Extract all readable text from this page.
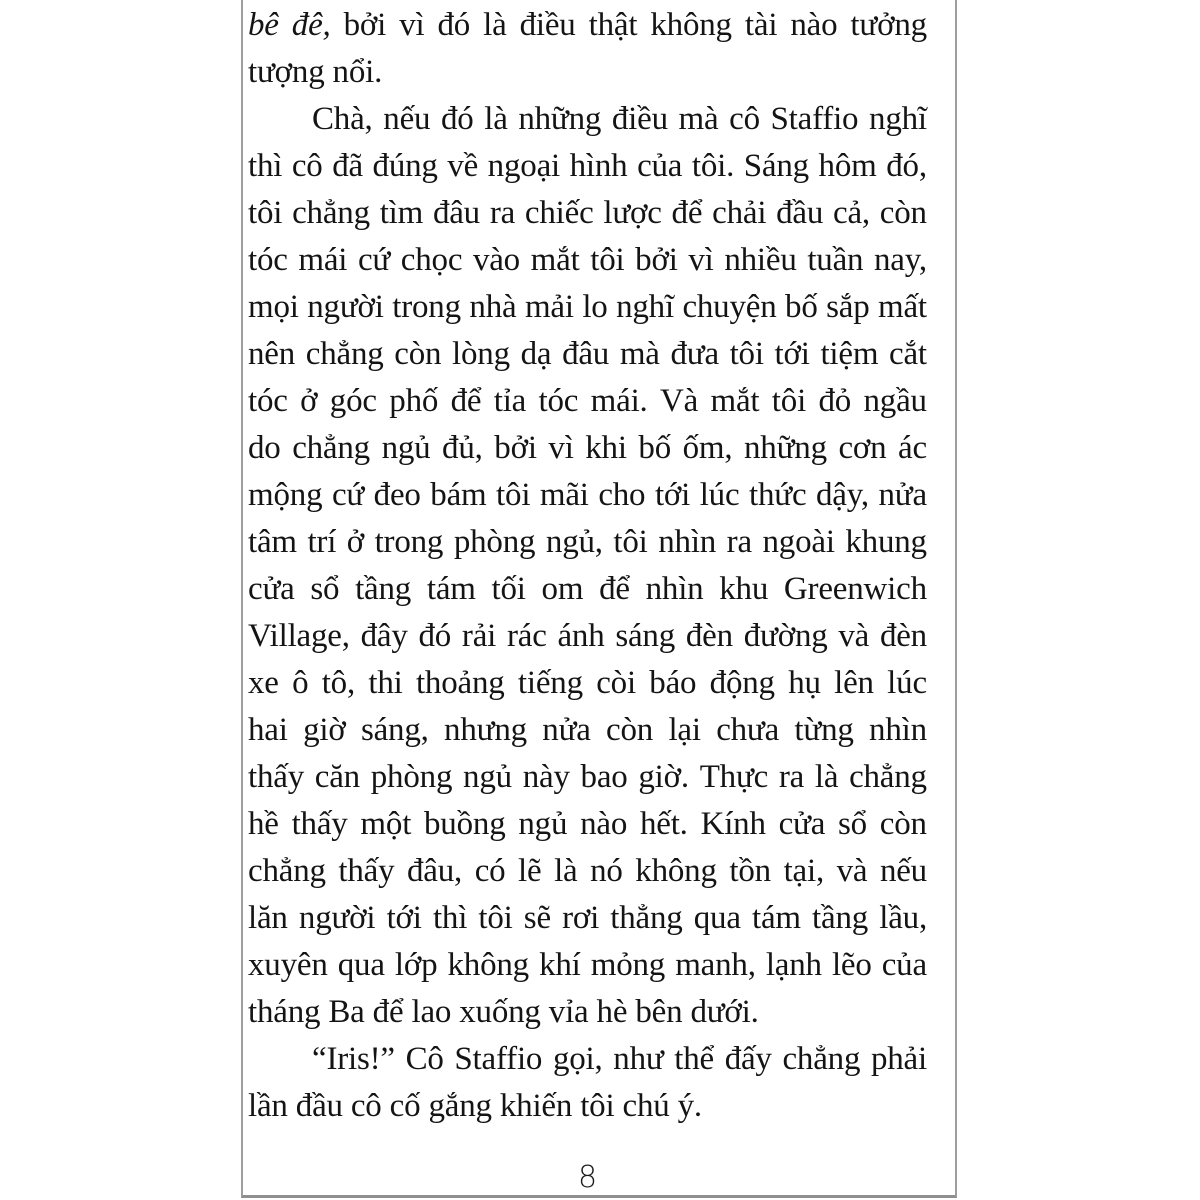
bê đê, bởi vì đó là điều thật không tài nào tưởng
tượng nổi.
Chà, nếu đó là những điều mà cô Staffio nghĩ
thì cô đã đúng về ngoại hình của tôi. Sáng hôm đó,
tôi chẳng tìm đâu ra chiếc lược để chải đầu cả, còn
tóc mái cứ chọc vào mắt tôi bởi vì nhiều tuần nay,
mọi người trong nhà mải lo nghĩ chuyện bố sắp mất
nên chẳng còn lòng dạ đâu mà đưa tôi tới tiệm cắt
tóc ở góc phố để tỉa tóc mái. Và mắt tôi đỏ ngầu
do chẳng ngủ đủ, bởi vì khi bố ốm, những cơn ác
mộng cứ đeo bám tôi mãi cho tới lúc thức dậy, nửa
tâm trí ở trong phòng ngủ, tôi nhìn ra ngoài khung
cửa sổ tầng tám tối om để nhìn khu Greenwich
Village, đây đó rải rác ánh sáng đèn đường và đèn
xe ô tô, thi thoảng tiếng còi báo động hụ lên lúc
hai giờ sáng, nhưng nửa còn lại chưa từng nhìn
thấy căn phòng ngủ này bao giờ. Thực ra là chẳng
hề thấy một buồng ngủ nào hết. Kính cửa sổ còn
chẳng thấy đâu, có lẽ là nó không tồn tại, và nếu
lăn người tới thì tôi sẽ rơi thẳng qua tám tầng lầu,
xuyên qua lớp không khí mỏng manh, lạnh lẽo của
tháng Ba để lao xuống vỉa hè bên dưới.
“Iris!” Cô Staffio gọi, như thể đấy chẳng phải
lần đầu cô cố gắng khiến tôi chú ý.
8
